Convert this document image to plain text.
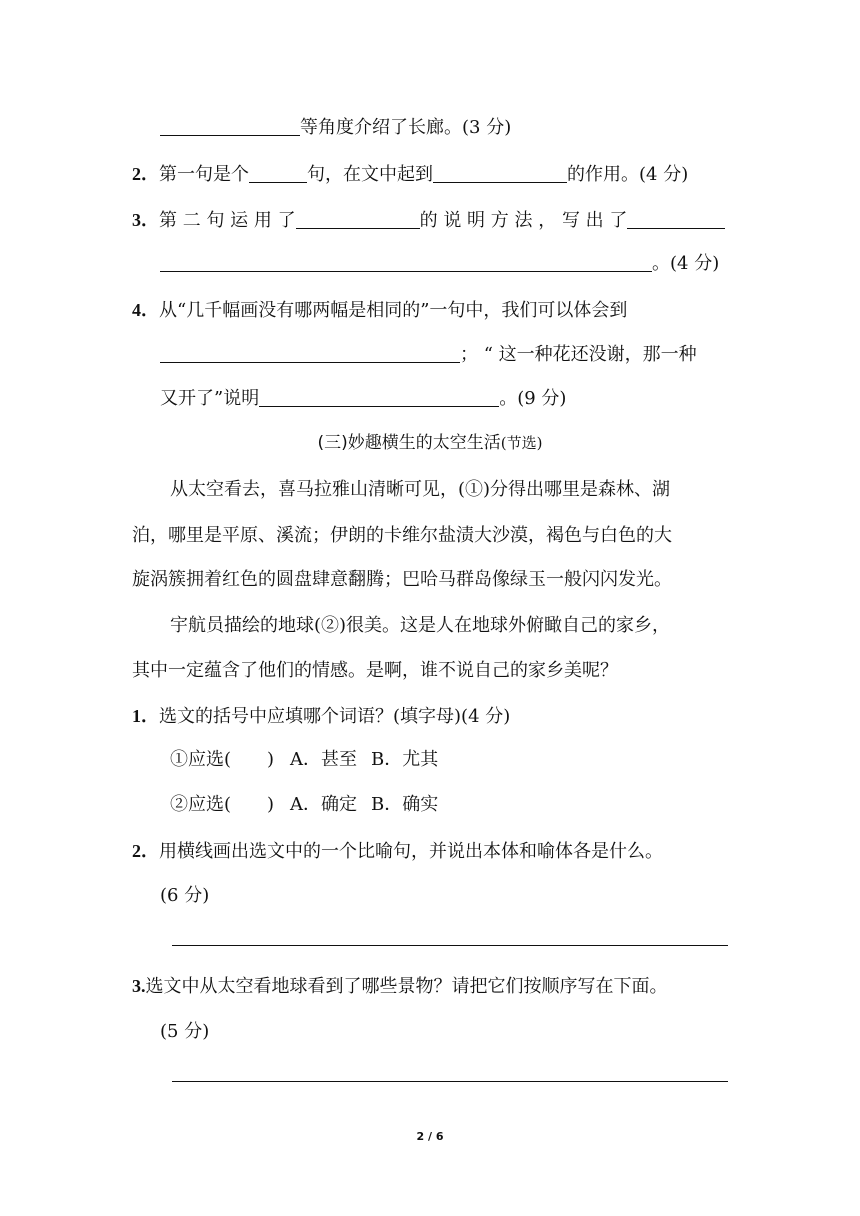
等角度介绍了长廊。(3 分)
2．第一句是个	句，在文中起到	的作用。(4 分)
3．第 二 句 运 用 了	的 说 明 方 法 ， 写 出 了
。(4 分)
4．从“几千幅画没有哪两幅是相同的”一句中，我们可以体会到
； “ 这一种花还没谢，那一种
又开了”说明	。(9 分)
(三)妙趣横生的太空生活(节选)
从太空看去，喜马拉雅山清晰可见，(①)分得出哪里是森林、湖
泊，哪里是平原、溪流；伊朗的卡维尔盐渍大沙漠，褐色与白色的大
旋涡簇拥着红色的圆盘肆意翻腾；巴哈马群岛像绿玉一般闪闪发光。
宇航员描绘的地球(②)很美。这是人在地球外俯瞰自己的家乡，
其中一定蕴含了他们的情感。是啊，谁不说自己的家乡美呢？
1．选文的括号中应填哪个词语？(填字母)(4 分)
①应选(　　) A．甚至 B．尤其
②应选(　　) A．确定 B．确实
2．用横线画出选文中的一个比喻句，并说出本体和喻体各是什么。
(6 分)
3.选文中从太空看地球看到了哪些景物？请把它们按顺序写在下面。
(5 分)
2 / 6
